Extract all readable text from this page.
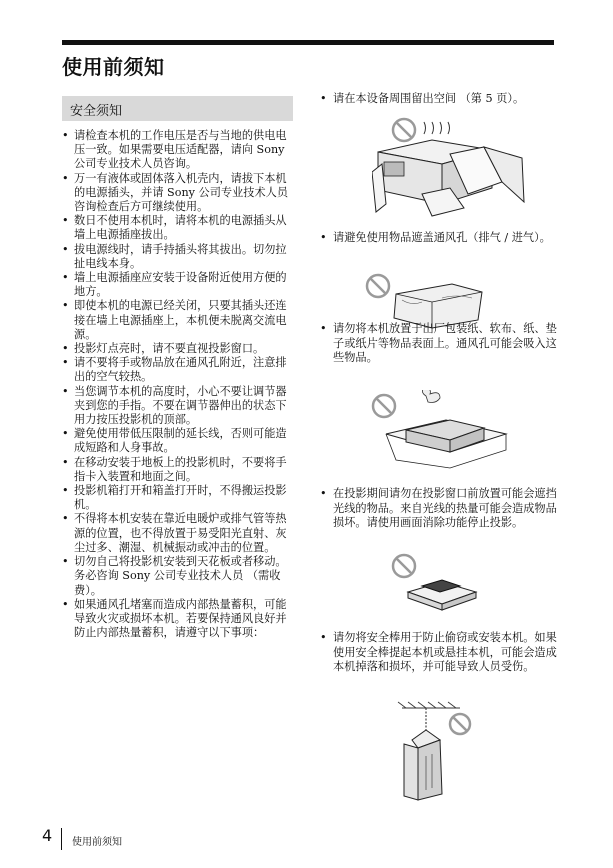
使用前须知
安全须知
• 请检查本机的工作电压是否与当地的供电电压一致。如果需要电压适配器，请向 Sony 公司专业技术人员咨询。
• 万一有液体或固体落入机壳内，请拔下本机的电源插头，并请 Sony 公司专业技术人员咨询检查后方可继续使用。
• 数日不使用本机时，请将本机的电源插头从墙上电源插座拔出。
• 拔电源线时，请手持插头将其拔出。切勿拉扯电线本身。
• 墙上电源插座应安装于设备附近使用方便的地方。
• 即使本机的电源已经关闭，只要其插头还连接在墙上电源插座上，本机便未脱离交流电源。
• 投影灯点亮时，请不要直视投影窗口。
• 请不要将手或物品放在通风孔附近，注意排出的空气较热。
• 当您调节本机的高度时，小心不要让调节器夹到您的手指。不要在调节器伸出的状态下用力按压投影机的顶部。
• 避免使用带低压限制的延长线，否则可能造成短路和人身事故。
• 在移动安装于地板上的投影机时，不要将手指卡入装置和地面之间。
• 投影机箱打开和箱盖打开时，不得搬运投影机。
• 不得将本机安装在靠近电暖炉或排气管等热源的位置，也不得放置于易受阳光直射、灰尘过多、潮湿、机械振动或冲击的位置。
• 切勿自己将投影机安装到天花板或者移动。务必咨询 Sony 公司专业技术人员 （需收费）。
• 如果通风孔堵塞而造成内部热量蓄积，可能导致火灾或损坏本机。若要保持通风良好并防止内部热量蓄积，请遵守以下事项：
• 请在本设备周围留出空间 （第 5 页）。
• 请避免使用物品遮盖通风孔（排气 / 进气）。
• 请勿将本机放置于出厂包装纸、软布、纸、垫子或纸片等物品表面上。通风孔可能会吸入这些物品。
• 在投影期间请勿在投影窗口前放置可能会遮挡光线的物品。来自光线的热量可能会造成物品损坏。请使用画面消除功能停止投影。
• 请勿将安全棒用于防止偷窃或安装本机。如果使用安全棒提起本机或悬挂本机，可能会造成本机掉落和损坏，并可能导致人员受伤。
4 使用前须知
